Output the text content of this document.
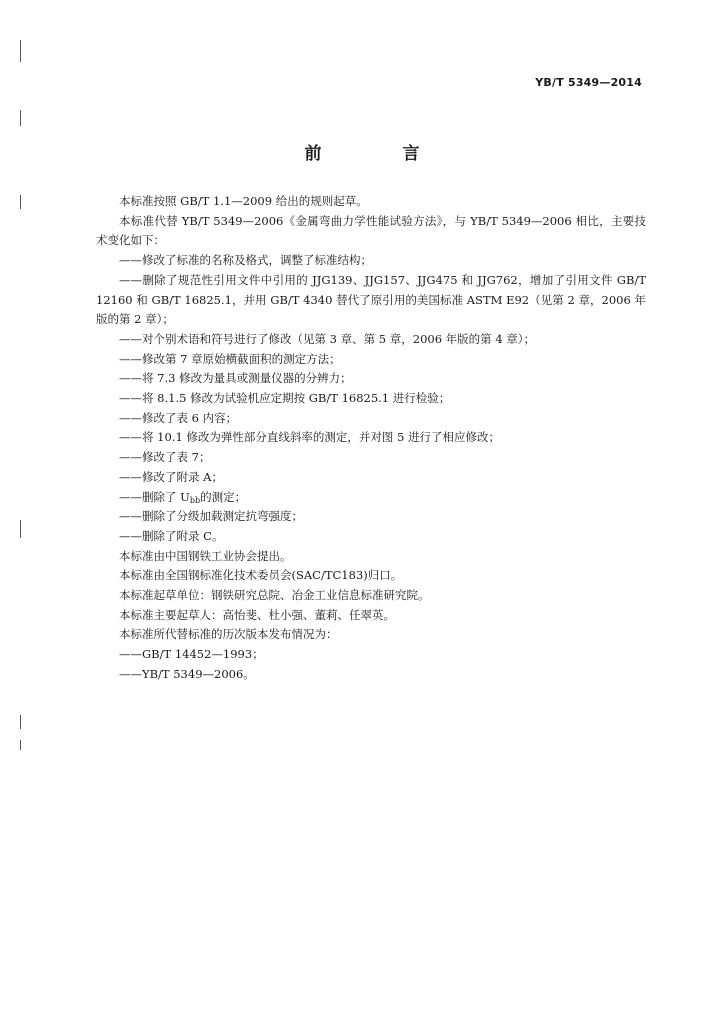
YB/T 5349—2014
前　言

本标准按照 GB/T 1.1—2009 给出的规则起草。

本标准代替 YB/T 5349—2006《金属弯曲力学性能试验方法》，与 YB/T 5349—2006 相比，主要技术变化如下：

——修改了标准的名称及格式，调整了标准结构；

——删除了规范性引用文件中引用的 JJG139、JJG157、JJG475 和 JJG762，增加了引用文件 GB/T 12160 和 GB/T 16825.1，并用 GB/T 4340 替代了原引用的美国标准 ASTM E92（见第 2 章，2006 年版的第 2 章）；

——对个别术语和符号进行了修改（见第 3 章、第 5 章，2006 年版的第 4 章）；

——修改第 7 章原始横截面积的测定方法；

——将 7.3 修改为量具或测量仪器的分辨力；

——将 8.1.5 修改为试验机应定期按 GB/T 16825.1 进行检验；

——修改了表 6 内容；

——将 10.1 修改为弹性部分直线斜率的测定，并对图 5 进行了相应修改；

——修改了表 7；

——修改了附录 A；

——删除了 $U_{bb}$的测定；

——删除了分级加载测定抗弯强度；

——删除了附录 C。

本标准由中国钢铁工业协会提出。

本标准由全国钢标准化技术委员会(SAC/TC183)归口。

本标准起草单位：钢铁研究总院、冶金工业信息标准研究院。

本标准主要起草人：高怡斐、杜小强、董莉、任翠英。

本标准所代替标准的历次版本发布情况为：

——GB/T 14452—1993；

——YB/T 5349—2006。
